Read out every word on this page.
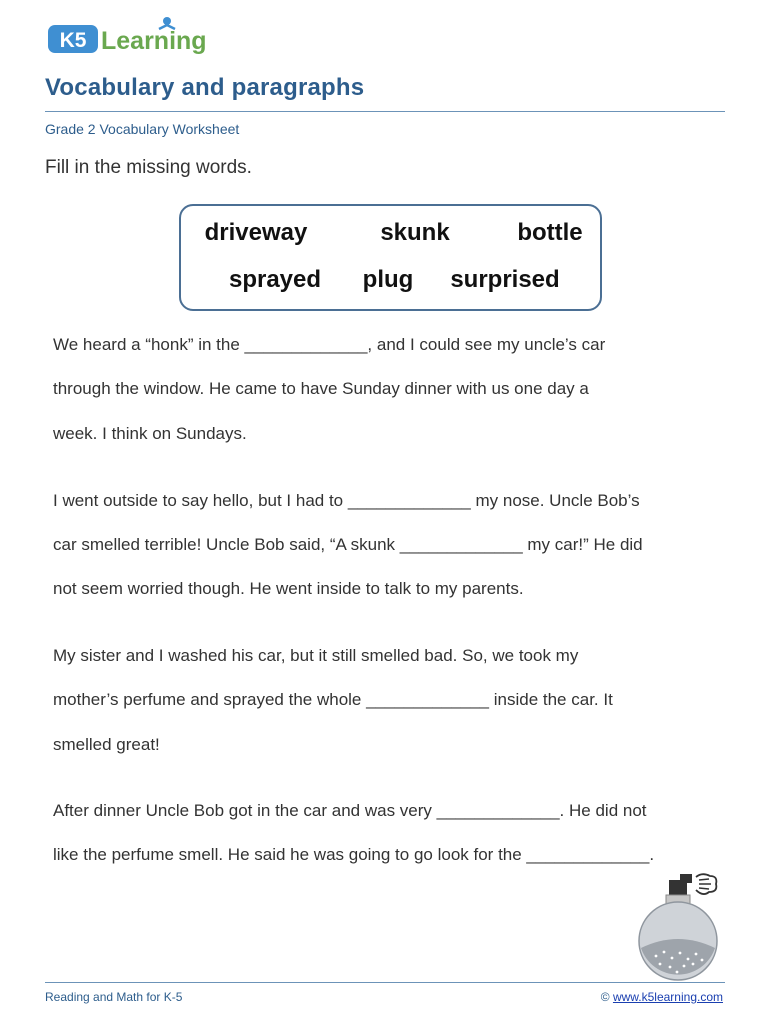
K5 Learning
Vocabulary and paragraphs
Grade 2 Vocabulary Worksheet
Fill in the missing words.
driveway	skunk	bottle
sprayed plug surprised
We heard a “honk” in the _____________, and I could see my uncle’s car
through the window. He came to have Sunday dinner with us one day a
week. I think on Sundays.
I went outside to say hello, but I had to _____________ my nose. Uncle Bob’s
car smelled terrible! Uncle Bob said, “A skunk _____________ my car!” He did
not seem worried though. He went inside to talk to my parents.
My sister and I washed his car, but it still smelled bad. So, we took my
mother’s perfume and sprayed the whole _____________ inside the car. It
smelled great!
After dinner Uncle Bob got in the car and was very _____________. He did not
like the perfume smell. He said he was going to go look for the _____________.
Reading and Math for K-5	© www.k5learning.com
